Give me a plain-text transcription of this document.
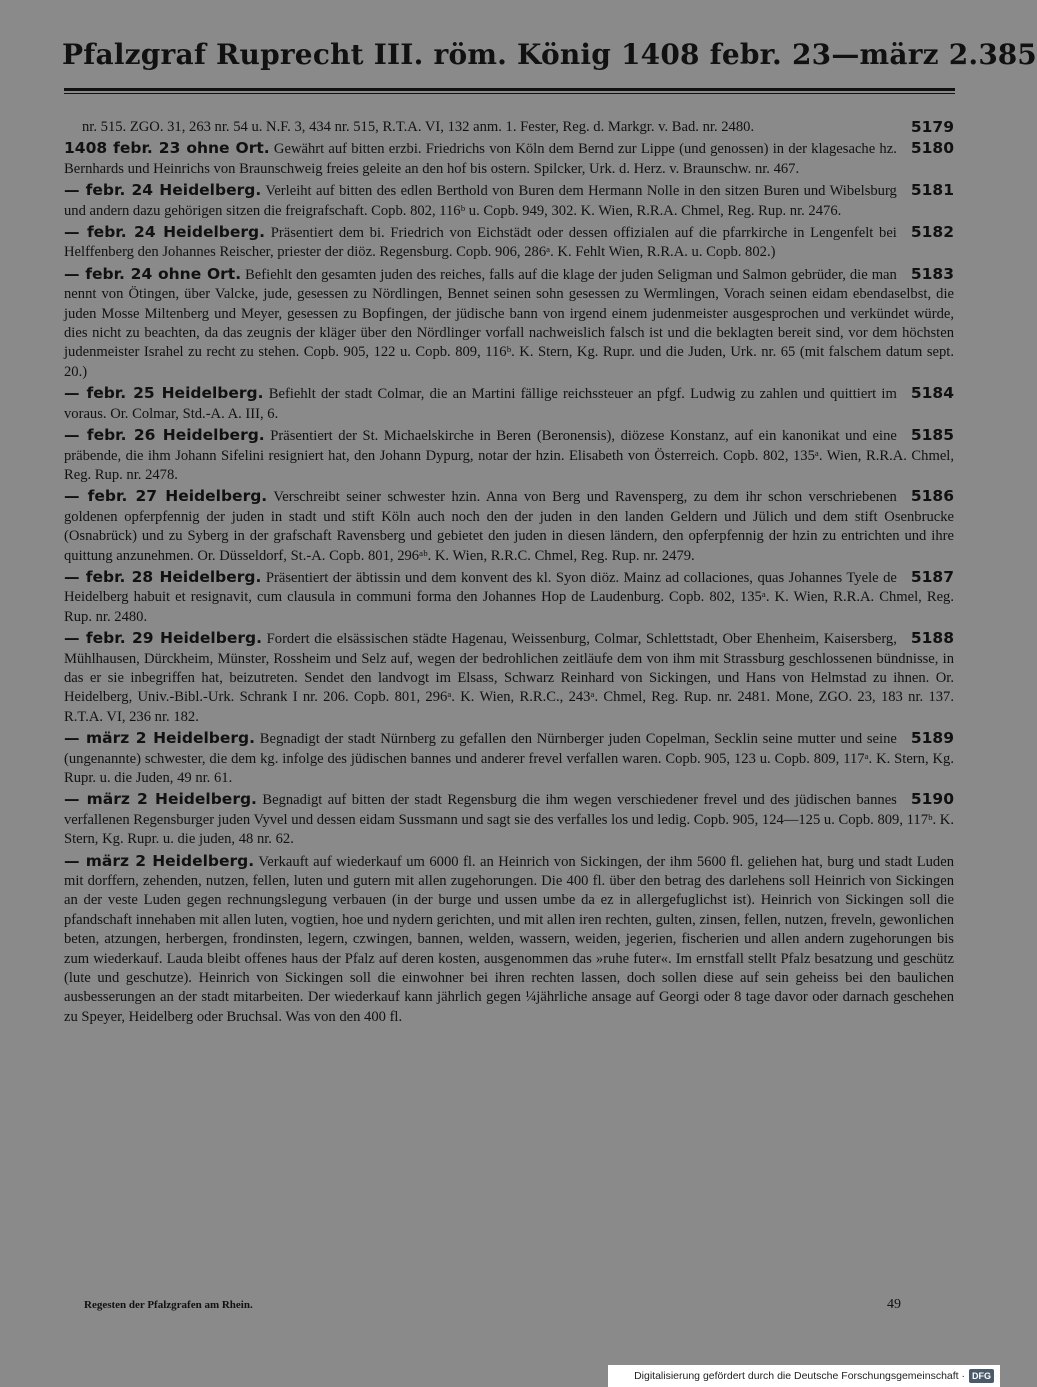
Pfalzgraf Ruprecht III. röm. König 1408 febr. 23—märz 2. 385
5179
nr. 515. ZGO. 31, 263 nr. 54 u. N.F. 3, 434 nr. 515, R.T.A. VI, 132 anm. 1. Fester, Reg. d. Markgr. v. Bad. nr. 2480.
5180
1408 febr. 23 ohne Ort. Gewährt auf bitten erzbi. Friedrichs von Köln dem Bernd zur Lippe (und genossen) in der klagesache hz. Bernhards und Heinrichs von Braunschweig freies geleite an den hof bis ostern. Spilcker, Urk. d. Herz. v. Braunschw. nr. 467.
5181
— febr. 24 Heidelberg. Verleiht auf bitten des edlen Berthold von Buren dem Hermann Nolle in den sitzen Buren und Wibelsburg und andern dazu gehörigen sitzen die freigrafschaft. Copb. 802, 116ᵇ u. Copb. 949, 302. K. Wien, R.R.A. Chmel, Reg. Rup. nr. 2476.
5182
— febr. 24 Heidelberg. Präsentiert dem bi. Friedrich von Eichstädt oder dessen offizialen auf die pfarrkirche in Lengenfelt bei Helffenberg den Johannes Reischer, priester der diöz. Regensburg. Copb. 906, 286ᵃ. K. Fehlt Wien, R.R.A. u. Copb. 802.)
5183
— febr. 24 ohne Ort. Befiehlt den gesamten juden des reiches, falls auf die klage der juden Seligman und Salmon gebrüder, die man nennt von Ötingen, über Valcke, jude, gesessen zu Nördlingen, Bennet seinen sohn gesessen zu Wermlingen, Vorach seinen eidam ebendaselbst, die juden Mosse Miltenberg und Meyer, gesessen zu Bopfingen, der jüdische bann von irgend einem judenmeister ausgesprochen und verkündet würde, dies nicht zu beachten, da das zeugnis der kläger über den Nördlinger vorfall nachweislich falsch ist und die beklagten bereit sind, vor dem höchsten judenmeister Israhel zu recht zu stehen. Copb. 905, 122 u. Copb. 809, 116ᵇ. K. Stern, Kg. Rupr. und die Juden, Urk. nr. 65 (mit falschem datum sept. 20.)
5184
— febr. 25 Heidelberg. Befiehlt der stadt Colmar, die an Martini fällige reichssteuer an pfgf. Ludwig zu zahlen und quittiert im voraus. Or. Colmar, Std.-A. A. III, 6.
5185
— febr. 26 Heidelberg. Präsentiert der St. Michaelskirche in Beren (Beronensis), diözese Konstanz, auf ein kanonikat und eine präbende, die ihm Johann Sifelini resigniert hat, den Johann Dypurg, notar der hzin. Elisabeth von Österreich. Copb. 802, 135ᵃ. Wien, R.R.A. Chmel, Reg. Rup. nr. 2478.
5186
— febr. 27 Heidelberg. Verschreibt seiner schwester hzin. Anna von Berg und Ravensperg, zu dem ihr schon verschriebenen goldenen opferpfennig der juden in stadt und stift Köln auch noch den der juden in den landen Geldern und Jülich und dem stift Osenbrucke (Osnabrück) und zu Syberg in der grafschaft Ravensberg und gebietet den juden in diesen ländern, den opferpfennig der hzin zu entrichten und ihre quittung anzunehmen. Or. Düsseldorf, St.-A. Copb. 801, 296ᵃᵇ. K. Wien, R.R.C. Chmel, Reg. Rup. nr. 2479.
5187
— febr. 28 Heidelberg. Präsentiert der äbtissin und dem konvent des kl. Syon diöz. Mainz ad collaciones, quas Johannes Tyele de Heidelberg habuit et resignavit, cum clausula in communi forma den Johannes Hop de Laudenburg. Copb. 802, 135ᵃ. K. Wien, R.R.A. Chmel, Reg. Rup. nr. 2480.
5188
— febr. 29 Heidelberg. Fordert die elsässischen städte Hagenau, Weissenburg, Colmar, Schlettstadt, Ober Ehenheim, Kaisersberg, Mühlhausen, Dürckheim, Münster, Rossheim und Selz auf, wegen der bedrohlichen zeitläufe dem von ihm mit Strassburg geschlossenen bündnisse, in das er sie inbegriffen hat, beizutreten. Sendet den landvogt im Elsass, Schwarz Reinhard von Sickingen, und Hans von Helmstad zu ihnen. Or. Heidelberg, Univ.-Bibl.-Urk. Schrank I nr. 206. Copb. 801, 296ᵃ. K. Wien, R.R.C., 243ᵃ. Chmel, Reg. Rup. nr. 2481. Mone, ZGO. 23, 183 nr. 137. R.T.A. VI, 236 nr. 182.
5189
— märz 2 Heidelberg. Begnadigt der stadt Nürnberg zu gefallen den Nürnberger juden Copelman, Secklin seine mutter und seine (ungenannte) schwester, die dem kg. infolge des jüdischen bannes und anderer frevel verfallen waren. Copb. 905, 123 u. Copb. 809, 117ᵃ. K. Stern, Kg. Rupr. u. die Juden, 49 nr. 61.
5190
— märz 2 Heidelberg. Begnadigt auf bitten der stadt Regensburg die ihm wegen verschiedener frevel und des jüdischen bannes verfallenen Regensburger juden Vyvel und dessen eidam Sussmann und sagt sie des verfalles los und ledig. Copb. 905, 124—125 u. Copb. 809, 117ᵇ. K. Stern, Kg. Rupr. u. die juden, 48 nr. 62.
— märz 2 Heidelberg. Verkauft auf wiederkauf um 6000 fl. an Heinrich von Sickingen, der ihm 5600 fl. geliehen hat, burg und stadt Luden mit dorffern, zehenden, nutzen, fellen, luten und gutern mit allen zugehorungen. Die 400 fl. über den betrag des darlehens soll Heinrich von Sickingen an der veste Luden gegen rechnungslegung verbauen (in der burge und ussen umbe da ez in allergefuglichst ist). Heinrich von Sickingen soll die pfandschaft innehaben mit allen luten, vogtien, hoe und nydern gerichten, und mit allen iren rechten, gulten, zinsen, fellen, nutzen, freveln, gewonlichen beten, atzungen, herbergen, frondinsten, legern, czwingen, bannen, welden, wassern, weiden, jegerien, fischerien und allen andern zugehorungen bis zum wiederkauf. Lauda bleibt offenes haus der Pfalz auf deren kosten, ausgenommen das »ruhe futer«. Im ernstfall stellt Pfalz besatzung und geschütz (lute und geschutze). Heinrich von Sickingen soll die einwohner bei ihren rechten lassen, doch sollen diese auf sein geheiss bei den baulichen ausbesserungen an der stadt mitarbeiten. Der wiederkauf kann jährlich gegen ¼jährliche ansage auf Georgi oder 8 tage davor oder darnach geschehen zu Speyer, Heidelberg oder Bruchsal. Was von den 400 fl.
Regesten der Pfalzgrafen am Rhein.	49
Digitalisierung gefördert durch die Deutsche Forschungsgemeinschaft · DFG
